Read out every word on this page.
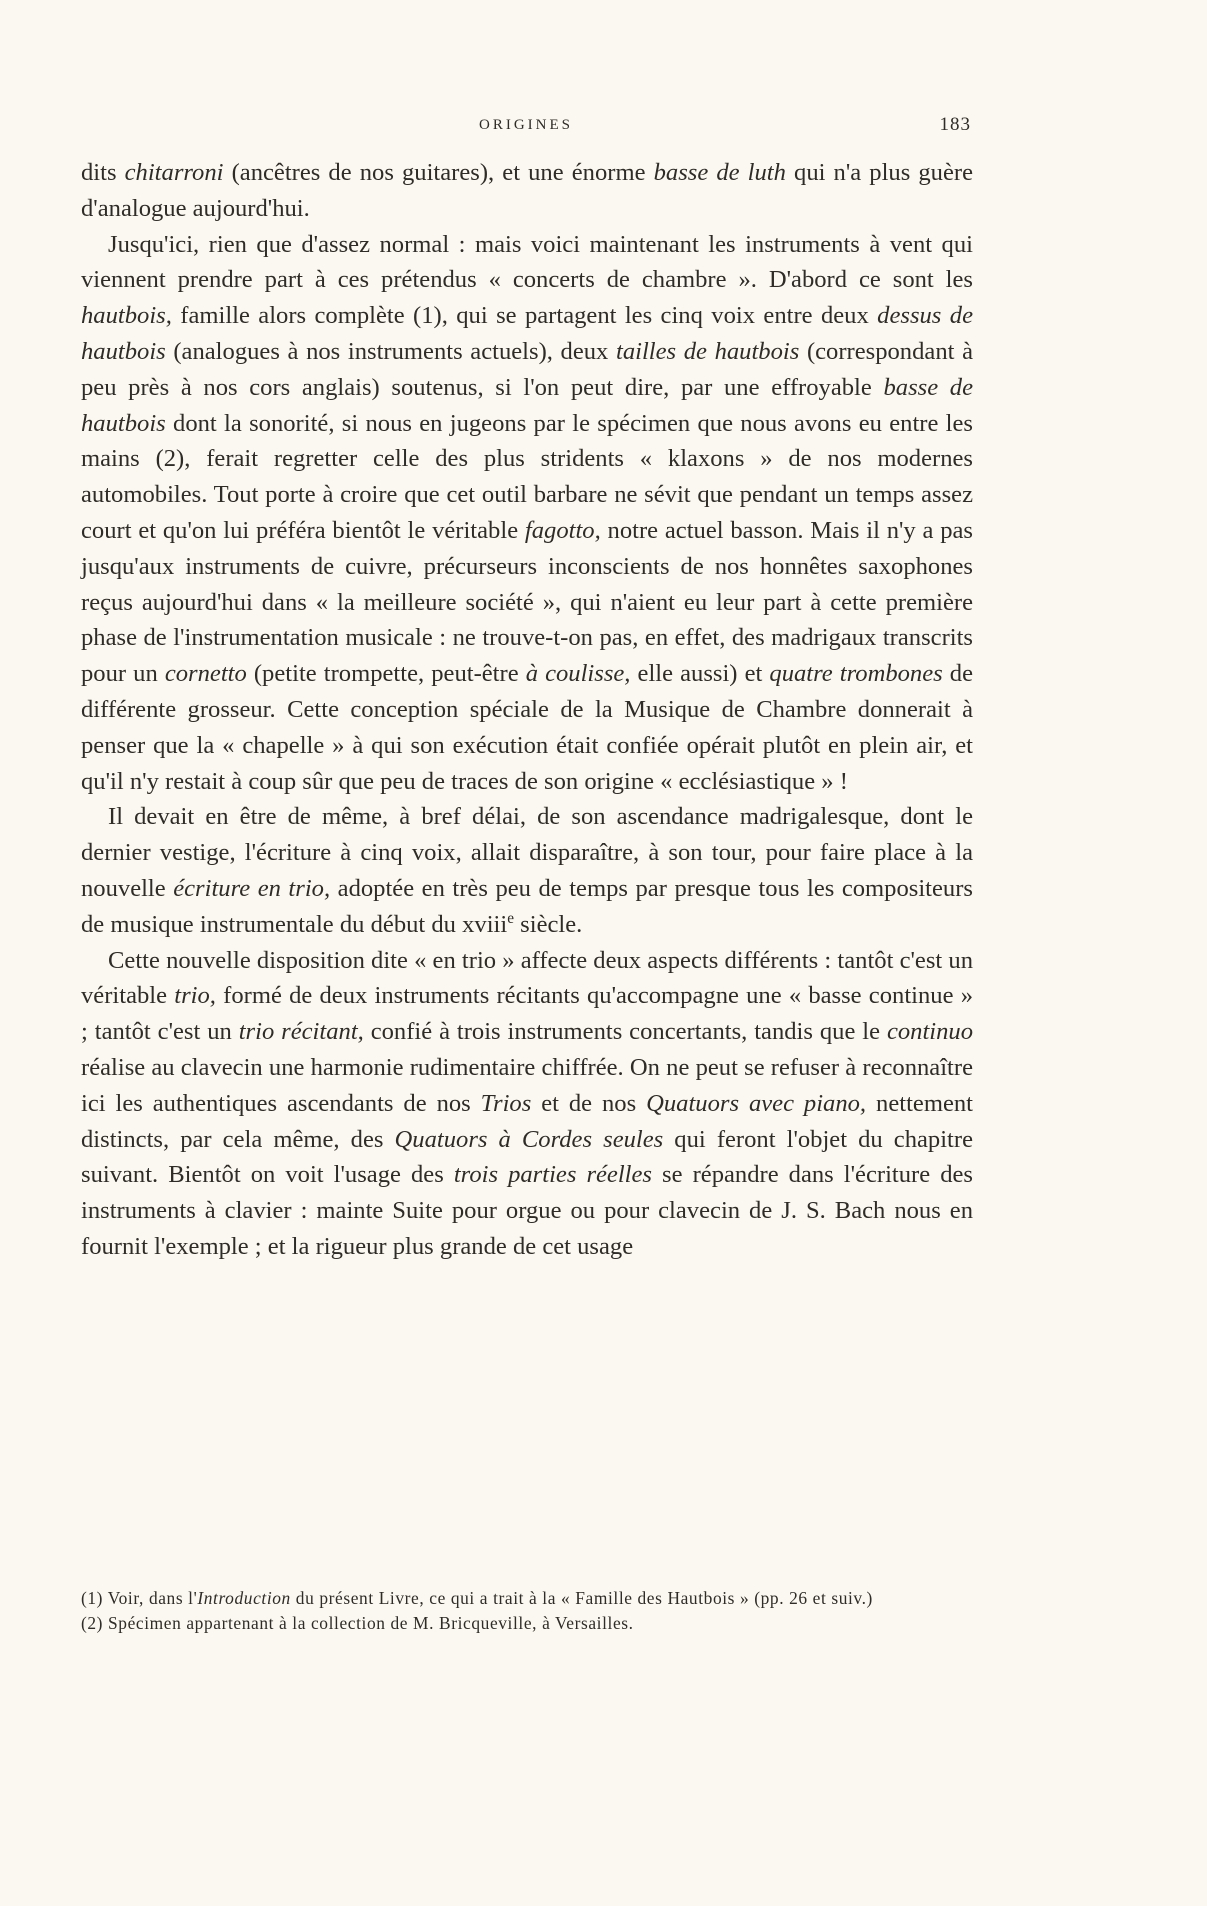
ORIGINES	183

dits chitarroni (ancêtres de nos guitares), et une énorme basse de luth qui n'a plus guère d'analogue aujourd'hui.

Jusqu'ici, rien que d'assez normal : mais voici maintenant les instruments à vent qui viennent prendre part à ces prétendus « concerts de chambre ». D'abord ce sont les hautbois, famille alors complète (1), qui se partagent les cinq voix entre deux dessus de hautbois (analogues à nos instruments actuels), deux tailles de hautbois (correspondant à peu près à nos cors anglais) soutenus, si l'on peut dire, par une effroyable basse de hautbois dont la sonorité, si nous en jugeons par le spécimen que nous avons eu entre les mains (2), ferait regretter celle des plus stridents « klaxons » de nos modernes automobiles. Tout porte à croire que cet outil barbare ne sévit que pendant un temps assez court et qu'on lui préféra bientôt le véritable fagotto, notre actuel basson. Mais il n'y a pas jusqu'aux instruments de cuivre, précurseurs inconscients de nos honnêtes saxophones reçus aujourd'hui dans « la meilleure société », qui n'aient eu leur part à cette première phase de l'instrumentation musicale : ne trouve-t-on pas, en effet, des madrigaux transcrits pour un cornetto (petite trompette, peut-être à coulisse, elle aussi) et quatre trombones de différente grosseur. Cette conception spéciale de la Musique de Chambre donnerait à penser que la « chapelle » à qui son exécution était confiée opérait plutôt en plein air, et qu'il n'y restait à coup sûr que peu de traces de son origine « ecclésiastique » !

Il devait en être de même, à bref délai, de son ascendance madrigalesque, dont le dernier vestige, l'écriture à cinq voix, allait disparaître, à son tour, pour faire place à la nouvelle écriture en trio, adoptée en très peu de temps par presque tous les compositeurs de musique instrumentale du début du xviii$^e$ siècle.

Cette nouvelle disposition dite « en trio » affecte deux aspects différents : tantôt c'est un véritable trio, formé de deux instruments récitants qu'accompagne une « basse continue » ; tantôt c'est un trio récitant, confié à trois instruments concertants, tandis que le continuo réalise au clavecin une harmonie rudimentaire chiffrée. On ne peut se refuser à reconnaître ici les authentiques ascendants de nos Trios et de nos Quatuors avec piano, nettement distincts, par cela même, des Quatuors à Cordes seules qui feront l'objet du chapitre suivant. Bientôt on voit l'usage des trois parties réelles se répandre dans l'écriture des instruments à clavier : mainte Suite pour orgue ou pour clavecin de J. S. Bach nous en fournit l'exemple ; et la rigueur plus grande de cet usage

(1) Voir, dans l'Introduction du présent Livre, ce qui a trait à la « Famille des Hautbois » (pp. 26 et suiv.)

(2) Spécimen appartenant à la collection de M. Bricqueville, à Versailles.
